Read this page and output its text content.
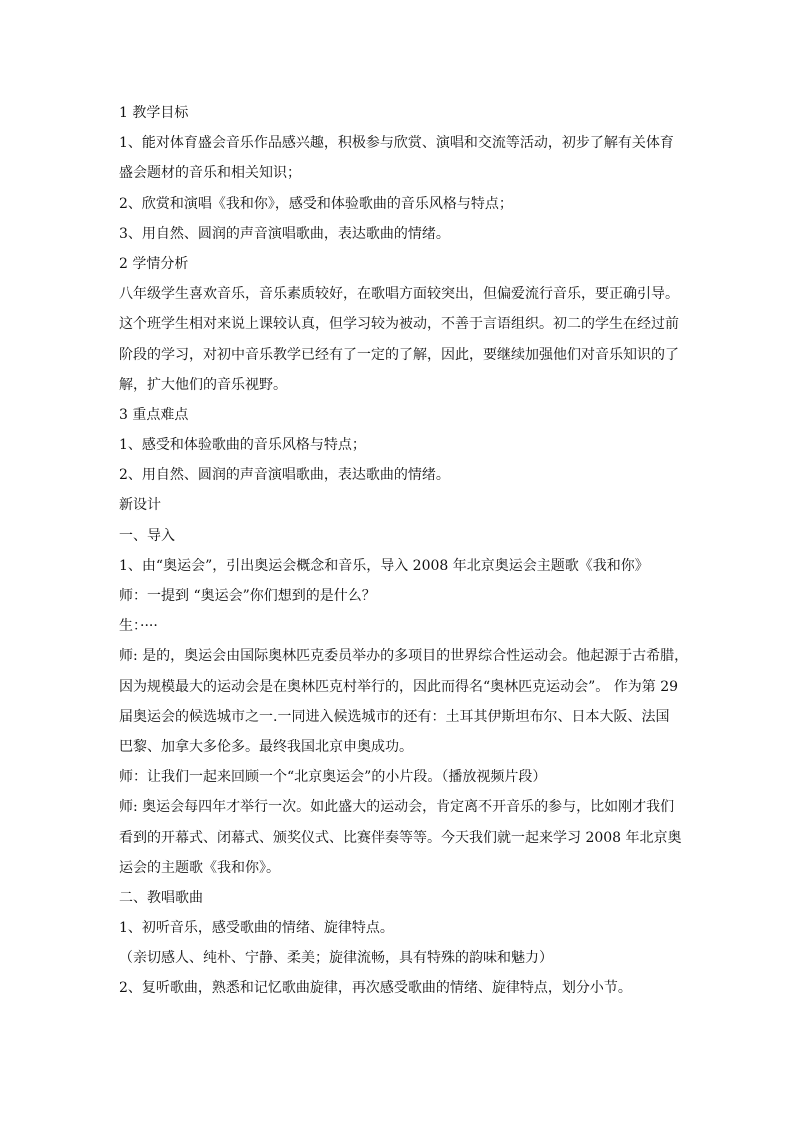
1 教学目标
1、能对体育盛会音乐作品感兴趣，积极参与欣赏、演唱和交流等活动，初步了解有关体育
盛会题材的音乐和相关知识；
2、欣赏和演唱《我和你》，感受和体验歌曲的音乐风格与特点；
3、用自然、圆润的声音演唱歌曲，表达歌曲的情绪。
2 学情分析
八年级学生喜欢音乐，音乐素质较好，在歌唱方面较突出，但偏爱流行音乐，要正确引导。
这个班学生相对来说上课较认真，但学习较为被动，不善于言语组织。初二的学生在经过前
阶段的学习，对初中音乐教学已经有了一定的了解，因此，要继续加强他们对音乐知识的了
解，扩大他们的音乐视野。
3 重点难点
1、感受和体验歌曲的音乐风格与特点；
2、用自然、圆润的声音演唱歌曲，表达歌曲的情绪。
新设计
一、导入
1、由“奥运会”，引出奥运会概念和音乐，导入 2008 年北京奥运会主题歌《我和你》
师：一提到 “奥运会”你们想到的是什么？
生：····
师: 是的，奥运会由国际奥林匹克委员举办的多项目的世界综合性运动会。他起源于古希腊，
因为规模最大的运动会是在奥林匹克村举行的，因此而得名“奥林匹克运动会”。 作为第 29
届奥运会的候选城市之一.一同进入候选城市的还有：土耳其伊斯坦布尔、日本大阪、法国
巴黎、加拿大多伦多。最终我国北京申奥成功。
师：让我们一起来回顾一个“北京奥运会”的小片段。（播放视频片段）
师: 奥运会每四年才举行一次。如此盛大的运动会，肯定离不开音乐的参与，比如刚才我们
看到的开幕式、闭幕式、颁奖仪式、比赛伴奏等等。今天我们就一起来学习 2008 年北京奥
运会的主题歌《我和你》。
二、教唱歌曲
1、初听音乐，感受歌曲的情绪、旋律特点。
（亲切感人、纯朴、宁静、柔美；旋律流畅，具有特殊的韵味和魅力）
2、复听歌曲，熟悉和记忆歌曲旋律，再次感受歌曲的情绪、旋律特点，划分小节。
